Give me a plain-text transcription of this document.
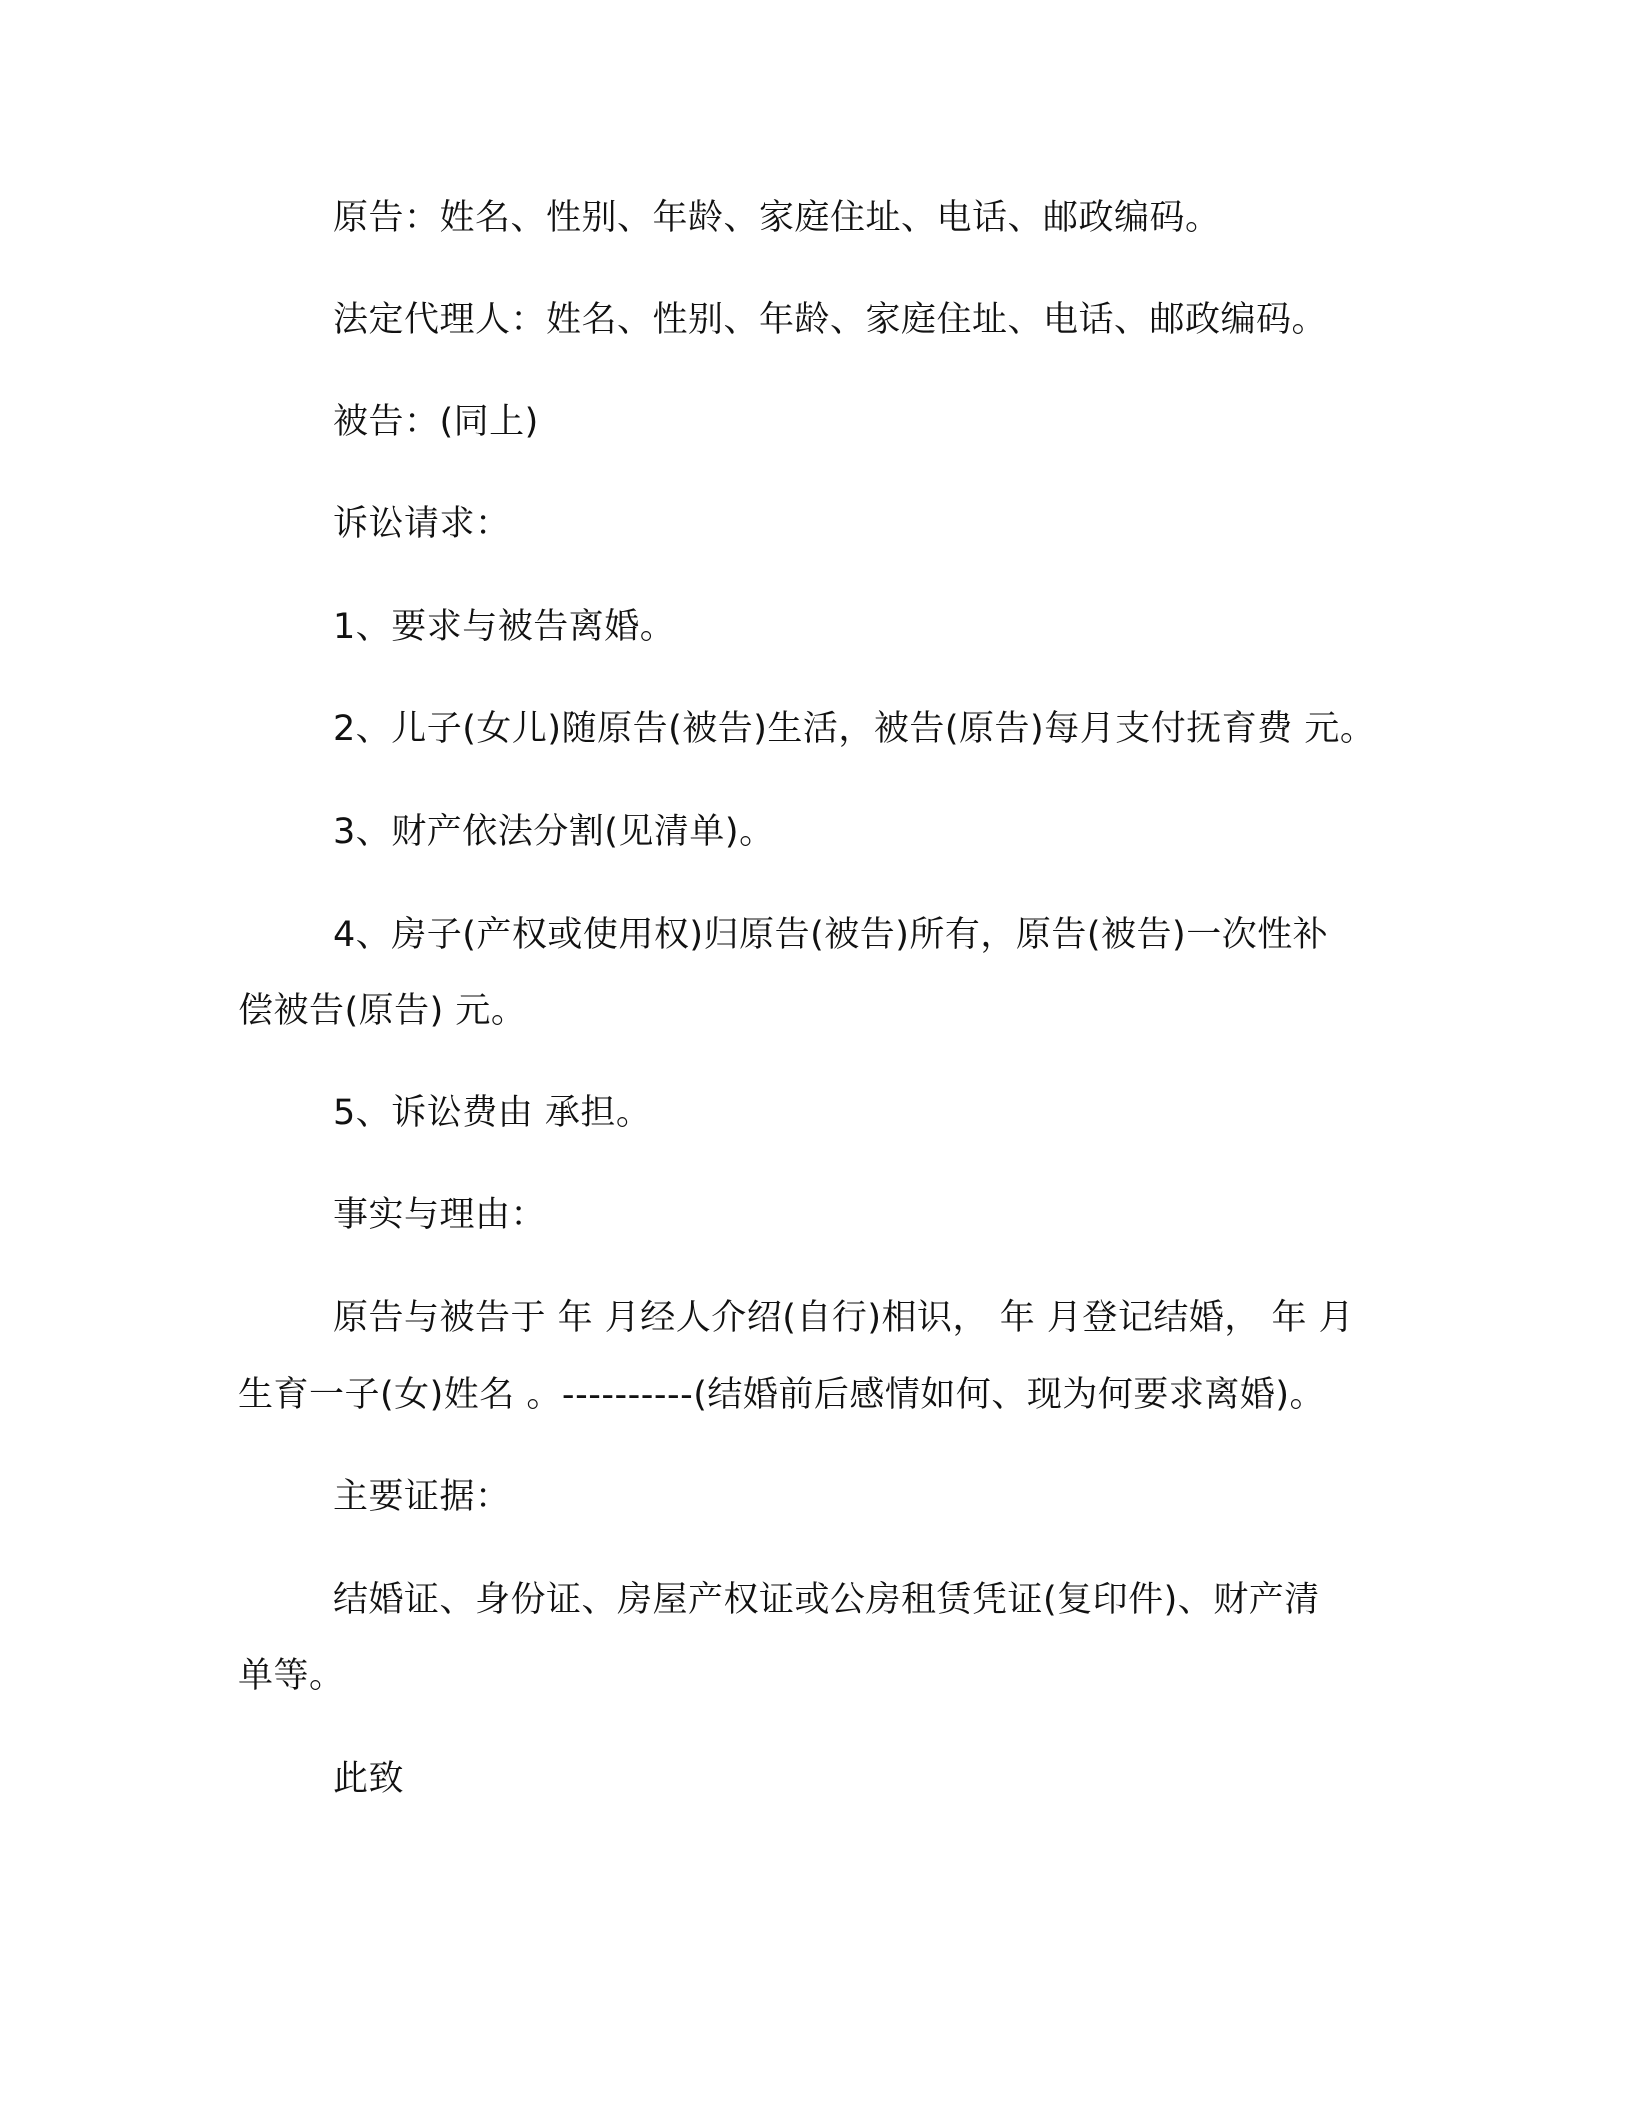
原告：姓名、性别、年龄、家庭住址、电话、邮政编码。
法定代理人：姓名、性别、年龄、家庭住址、电话、邮政编码。
被告：(同上)
诉讼请求：
1、要求与被告离婚。
2、儿子(女儿)随原告(被告)生活，被告(原告)每月支付抚育费 元。
3、财产依法分割(见清单)。
4、房子(产权或使用权)归原告(被告)所有，原告(被告)一次性补
偿被告(原告) 元。
5、诉讼费由 承担。
事实与理由：
原告与被告于 年 月经人介绍(自行)相识， 年 月登记结婚， 年 月
生育一子(女)姓名 。----------(结婚前后感情如何、现为何要求离婚)。
主要证据：
结婚证、身份证、房屋产权证或公房租赁凭证(复印件)、财产清
单等。
此致
